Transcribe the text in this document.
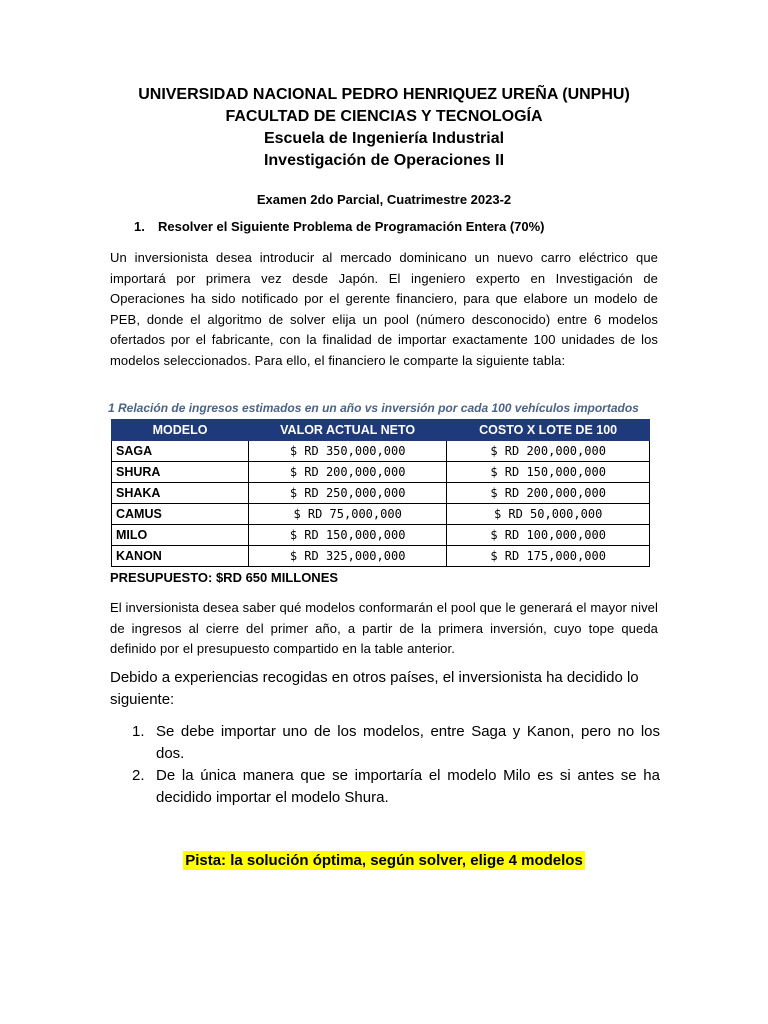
UNIVERSIDAD NACIONAL PEDRO HENRIQUEZ UREÑA (UNPHU)
FACULTAD DE CIENCIAS Y TECNOLOGÍA
Escuela de Ingeniería Industrial
Investigación de Operaciones II
Examen 2do Parcial, Cuatrimestre 2023-2
1. Resolver el Siguiente Problema de Programación Entera (70%)
Un inversionista desea introducir al mercado dominicano un nuevo carro eléctrico que importará por primera vez desde Japón. El ingeniero experto en Investigación de Operaciones ha sido notificado por el gerente financiero, para que elabore un modelo de PEB, donde el algoritmo de solver elija un pool (número desconocido) entre 6 modelos ofertados por el fabricante, con la finalidad de importar exactamente 100 unidades de los modelos seleccionados. Para ello, el financiero le comparte la siguiente tabla:
1 Relación de ingresos estimados en un año vs inversión por cada 100 vehículos importados
MODELO	VALOR ACTUAL NETO	COSTO X LOTE DE 100
SAGA	$ RD 350,000,000	$ RD 200,000,000
SHURA	$ RD 200,000,000	$ RD 150,000,000
SHAKA	$ RD 250,000,000	$ RD 200,000,000
CAMUS	$ RD 75,000,000	$ RD 50,000,000
MILO	$ RD 150,000,000	$ RD 100,000,000
KANON	$ RD 325,000,000	$ RD 175,000,000
PRESUPUESTO: $RD 650 MILLONES
El inversionista desea saber qué modelos conformarán el pool que le generará el mayor nivel de ingresos al cierre del primer año, a partir de la primera inversión, cuyo tope queda definido por el presupuesto compartido en la table anterior.
Debido a experiencias recogidas en otros países, el inversionista ha decidido lo siguiente:
1. Se debe importar uno de los modelos, entre Saga y Kanon, pero no los dos.
2. De la única manera que se importaría el modelo Milo es si antes se ha decidido importar el modelo Shura.
Pista: la solución óptima, según solver, elige 4 modelos
